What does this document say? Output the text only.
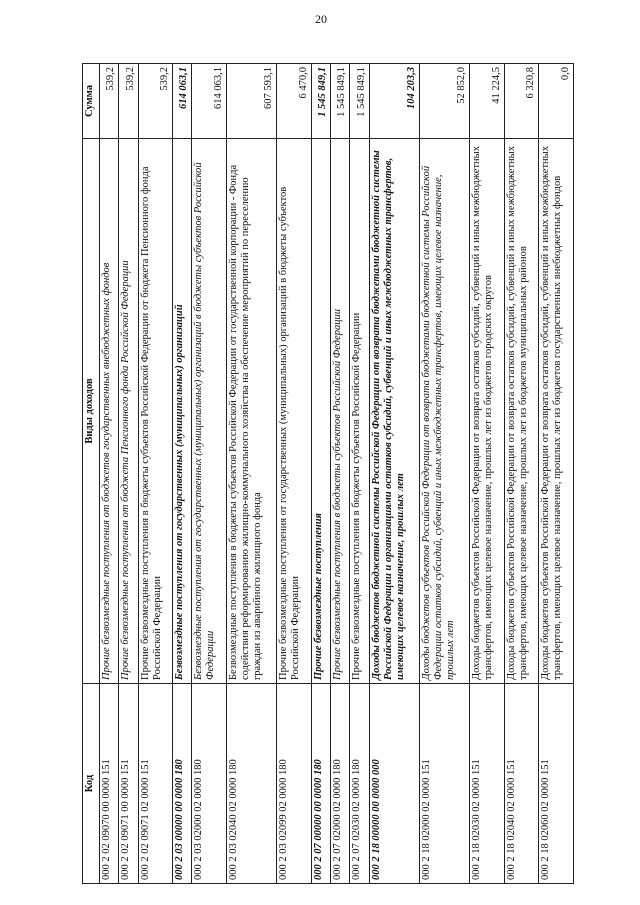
20
Код	Виды доходов	Сумма
000 2 02 09070 00 0000 151	Прочие безвозмездные поступления от бюджетов государственных внебюджетных фондов	539,2
000 2 02 09071 00 0000 151	Прочие безвозмездные поступления от бюджета Пенсионного фонда Российской Федерации	539,2
000 2 02 09071 02 0000 151	Прочие безвозмездные поступления в бюджеты субъектов Российской Федерации от бюджета Пенсионного фонда Российской Федерации	539,2
000 2 03 00000 00 0000 180	Безвозмездные поступления от государственных (муниципальных) организаций	614 063,1
000 2 03 02000 02 0000 180	Безвозмездные поступления от государственных (муниципальных) организаций в бюджеты субъектов Российской Федерации	614 063,1
000 2 03 02040 02 0000 180	Безвозмездные поступления в бюджеты субъектов Российской Федерации от государственной корпорации - Фонда содействия реформированию жилищно-коммунального хозяйства на обеспечение мероприятий по переселению граждан из аварийного жилищного фонда	607 593,1
000 2 03 02099 02 0000 180	Прочие безвозмездные поступления от государственных (муниципальных) организаций в бюджеты субъектов Российской Федерации	6 470,0
000 2 07 00000 00 0000 180	Прочие безвозмездные поступления	1 545 849,1
000 2 07 02000 02 0000 180	Прочие безвозмездные поступления в бюджеты субъектов Российской Федерации	1 545 849,1
000 2 07 02030 02 0000 180	Прочие безвозмездные поступления в бюджеты субъектов Российской Федерации	1 545 849,1
000 2 18 00000 00 0000 000	Доходы бюджетов бюджетной системы Российской Федерации от возврата бюджетами бюджетной системы Российской Федерации и организациями остатков субсидий, субвенций и иных межбюджетных трансфертов, имеющих целевое назначение, прошлых лет	104 203,3
000 2 18 02000 02 0000 151	Доходы бюджетов субъектов Российской Федерации от возврата бюджетами бюджетной системы Российской Федерации остатков субсидий, субвенций и иных межбюджетных трансфертов, имеющих целевое назначение, прошлых лет	52 852,0
000 2 18 02030 02 0000 151	Доходы бюджетов субъектов Российской Федерации от возврата остатков субсидий, субвенций и иных межбюджетных трансфертов, имеющих целевое назначение, прошлых лет из бюджетов городских округов	41 224,5
000 2 18 02040 02 0000 151	Доходы бюджетов субъектов Российской Федерации от возврата остатков субсидий, субвенций и иных межбюджетных трансфертов, имеющих целевое назначение, прошлых лет из бюджетов муниципальных районов	6 320,8
000 2 18 02060 02 0000 151	Доходы бюджетов субъектов Российской Федерации от возврата остатков субсидий, субвенций и иных межбюджетных трансфертов, имеющих целевое назначение, прошлых лет из бюджетов государственных внебюджетных фондов	0,0
